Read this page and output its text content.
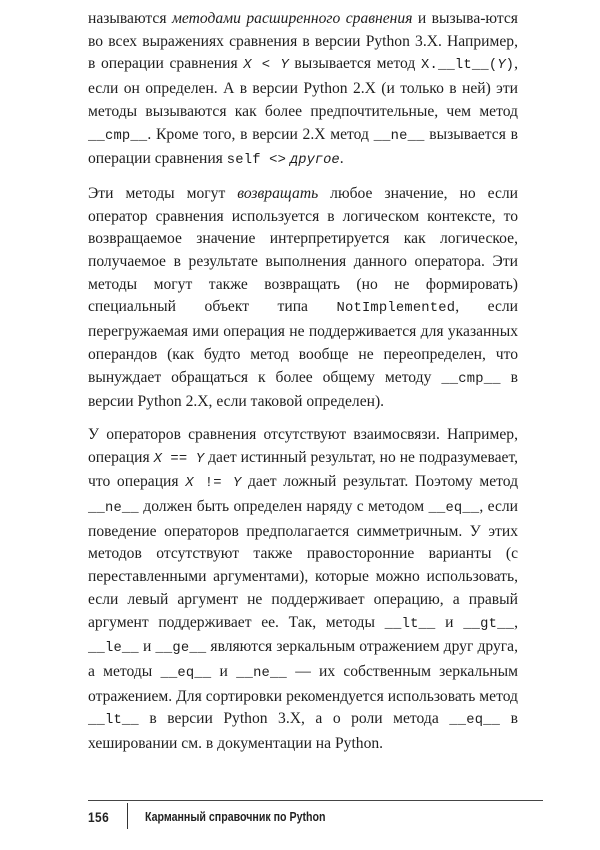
называются методами расширенного сравнения и вызыва-ются во всех выражениях сравнения в версии Python 3.X. Например, в операции сравнения X < Y вызывается метод X.__lt__(Y), если он определен. А в версии Python 2.X (и только в ней) эти методы вызываются как более предпочтительные, чем метод __cmp__. Кроме того, в версии 2.X метод __ne__ вызывается в операции сравнения self <> другое.

Эти методы могут возвращать любое значение, но если оператор сравнения используется в логическом контексте, то возвращаемое значение интерпретируется как логическое, получаемое в результате выполнения данного оператора. Эти методы могут также возвращать (но не формировать) специальный объект типа NotImplemented, если перегружаемая ими операция не поддерживается для указанных операндов (как будто метод вообще не переопределен, что вынуждает обращаться к более общему методу __cmp__ в версии Python 2.X, если таковой определен).

У операторов сравнения отсутствуют взаимосвязи. Например, операция X == Y дает истинный результат, но не подразумевает, что операция X != Y дает ложный результат. Поэтому метод __ne__ должен быть определен наряду с методом __eq__, если поведение операторов предполагается симметричным. У этих методов отсутствуют также правосторонние варианты (с переставленными аргументами), которые можно использовать, если левый аргумент не поддерживает операцию, а правый аргумент поддерживает ее. Так, методы __lt__ и __gt__, __le__ и __ge__ являются зеркальным отражением друг друга, а методы __eq__ и __ne__ — их собственным зеркальным отражением. Для сортировки рекомендуется использовать метод __lt__ в версии Python 3.X, а о роли метода __eq__ в хешировании см. в документации на Python.

156	Карманный справочник по Python
